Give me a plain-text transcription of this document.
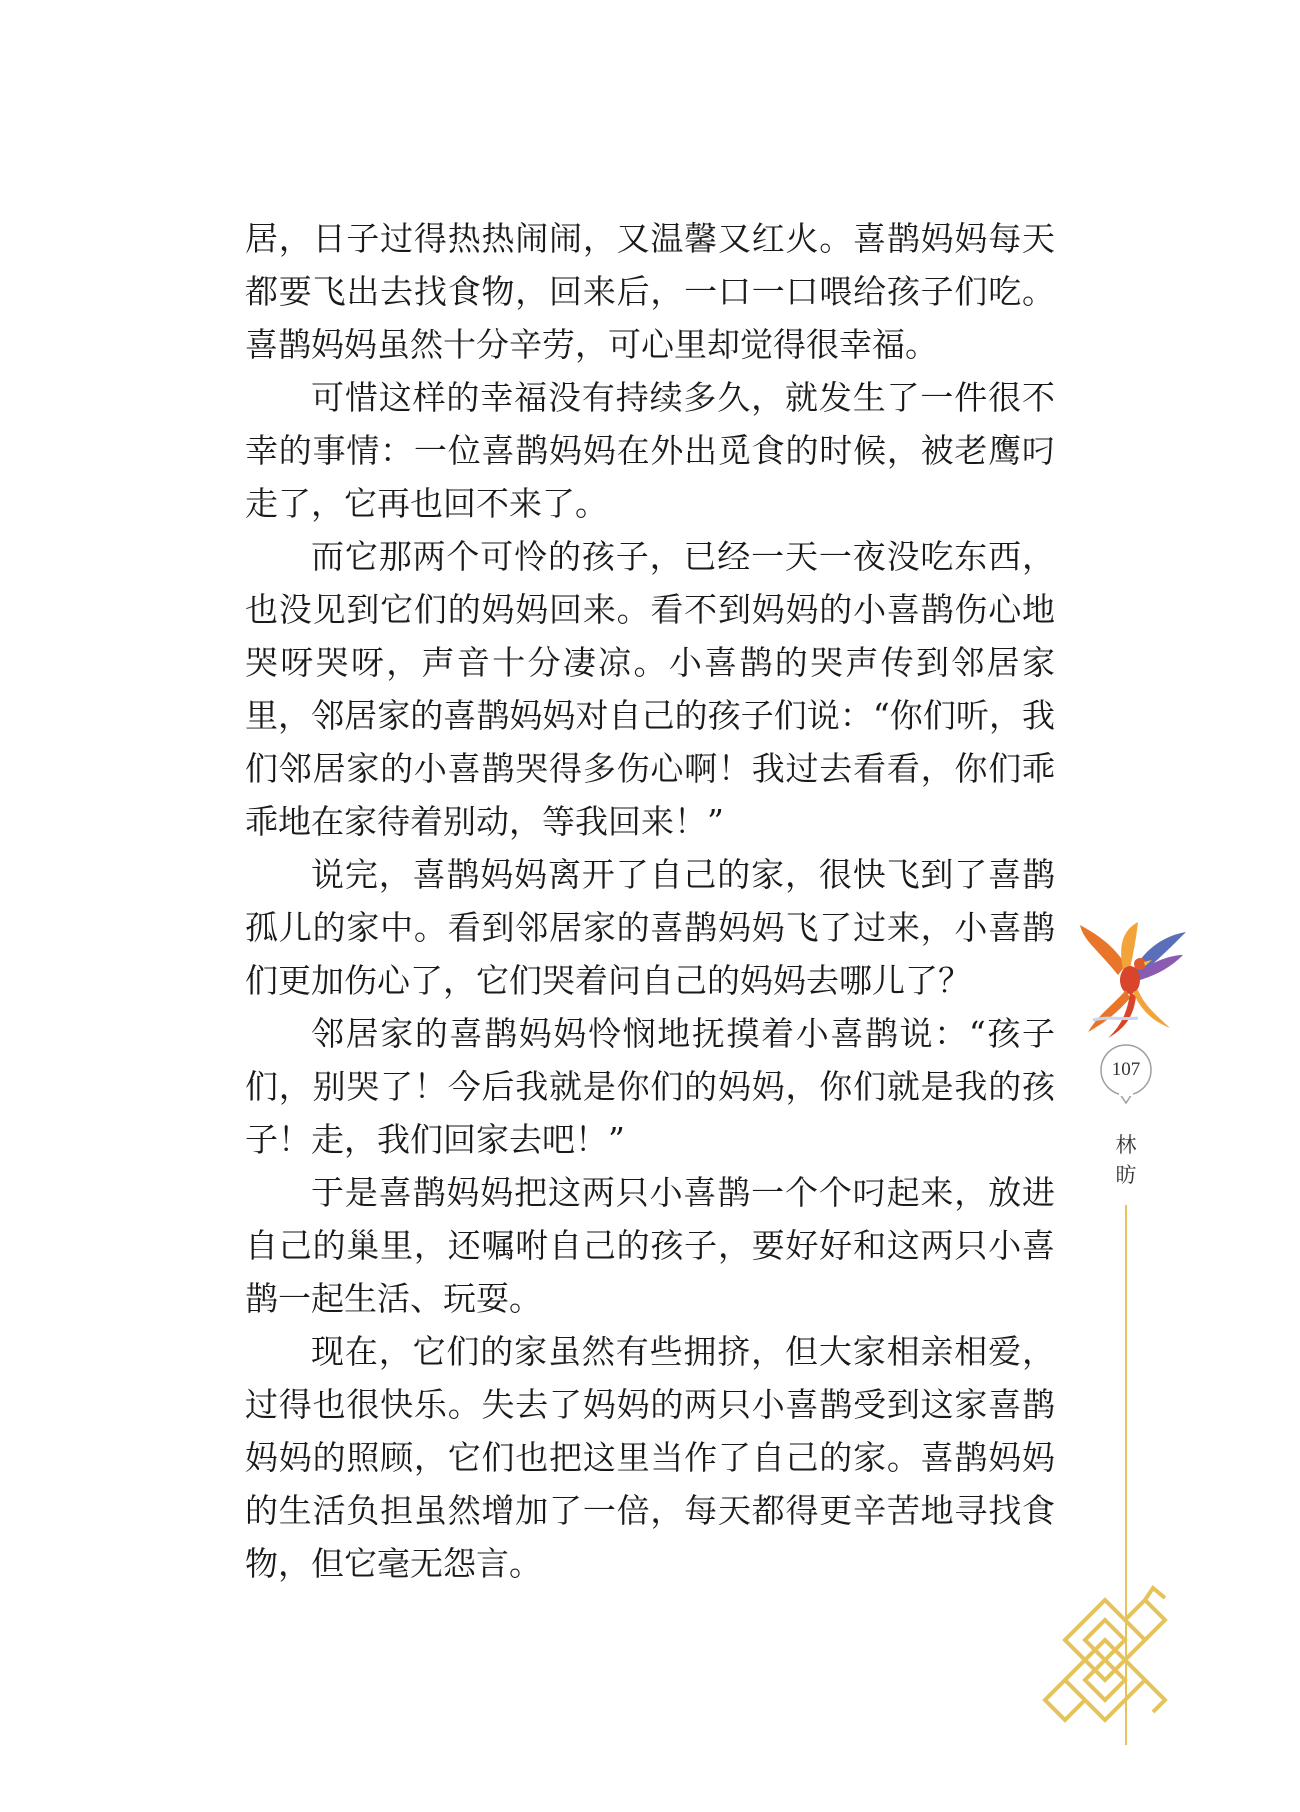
居，日子过得热热闹闹，又温馨又红火。喜鹊妈妈每天都要飞出去找食物，回来后，一口一口喂给孩子们吃。喜鹊妈妈虽然十分辛劳，可心里却觉得很幸福。

可惜这样的幸福没有持续多久，就发生了一件很不幸的事情：一位喜鹊妈妈在外出觅食的时候，被老鹰叼走了，它再也回不来了。

而它那两个可怜的孩子，已经一天一夜没吃东西，也没见到它们的妈妈回来。看不到妈妈的小喜鹊伤心地哭呀哭呀，声音十分凄凉。小喜鹊的哭声传到邻居家里，邻居家的喜鹊妈妈对自己的孩子们说：“你们听，我们邻居家的小喜鹊哭得多伤心啊！我过去看看，你们乖乖地在家待着别动，等我回来！”

说完，喜鹊妈妈离开了自己的家，很快飞到了喜鹊孤儿的家中。看到邻居家的喜鹊妈妈飞了过来，小喜鹊们更加伤心了，它们哭着问自己的妈妈去哪儿了？

邻居家的喜鹊妈妈怜悯地抚摸着小喜鹊说：“孩子们，别哭了！今后我就是你们的妈妈，你们就是我的孩子！走，我们回家去吧！”

于是喜鹊妈妈把这两只小喜鹊一个个叼起来，放进自己的巢里，还嘱咐自己的孩子，要好好和这两只小喜鹊一起生活、玩耍。

现在，它们的家虽然有些拥挤，但大家相亲相爱，过得也很快乐。失去了妈妈的两只小喜鹊受到这家喜鹊妈妈的照顾，它们也把这里当作了自己的家。喜鹊妈妈的生活负担虽然增加了一倍，每天都得更辛苦地寻找食物，但它毫无怨言。

107
林
昉
